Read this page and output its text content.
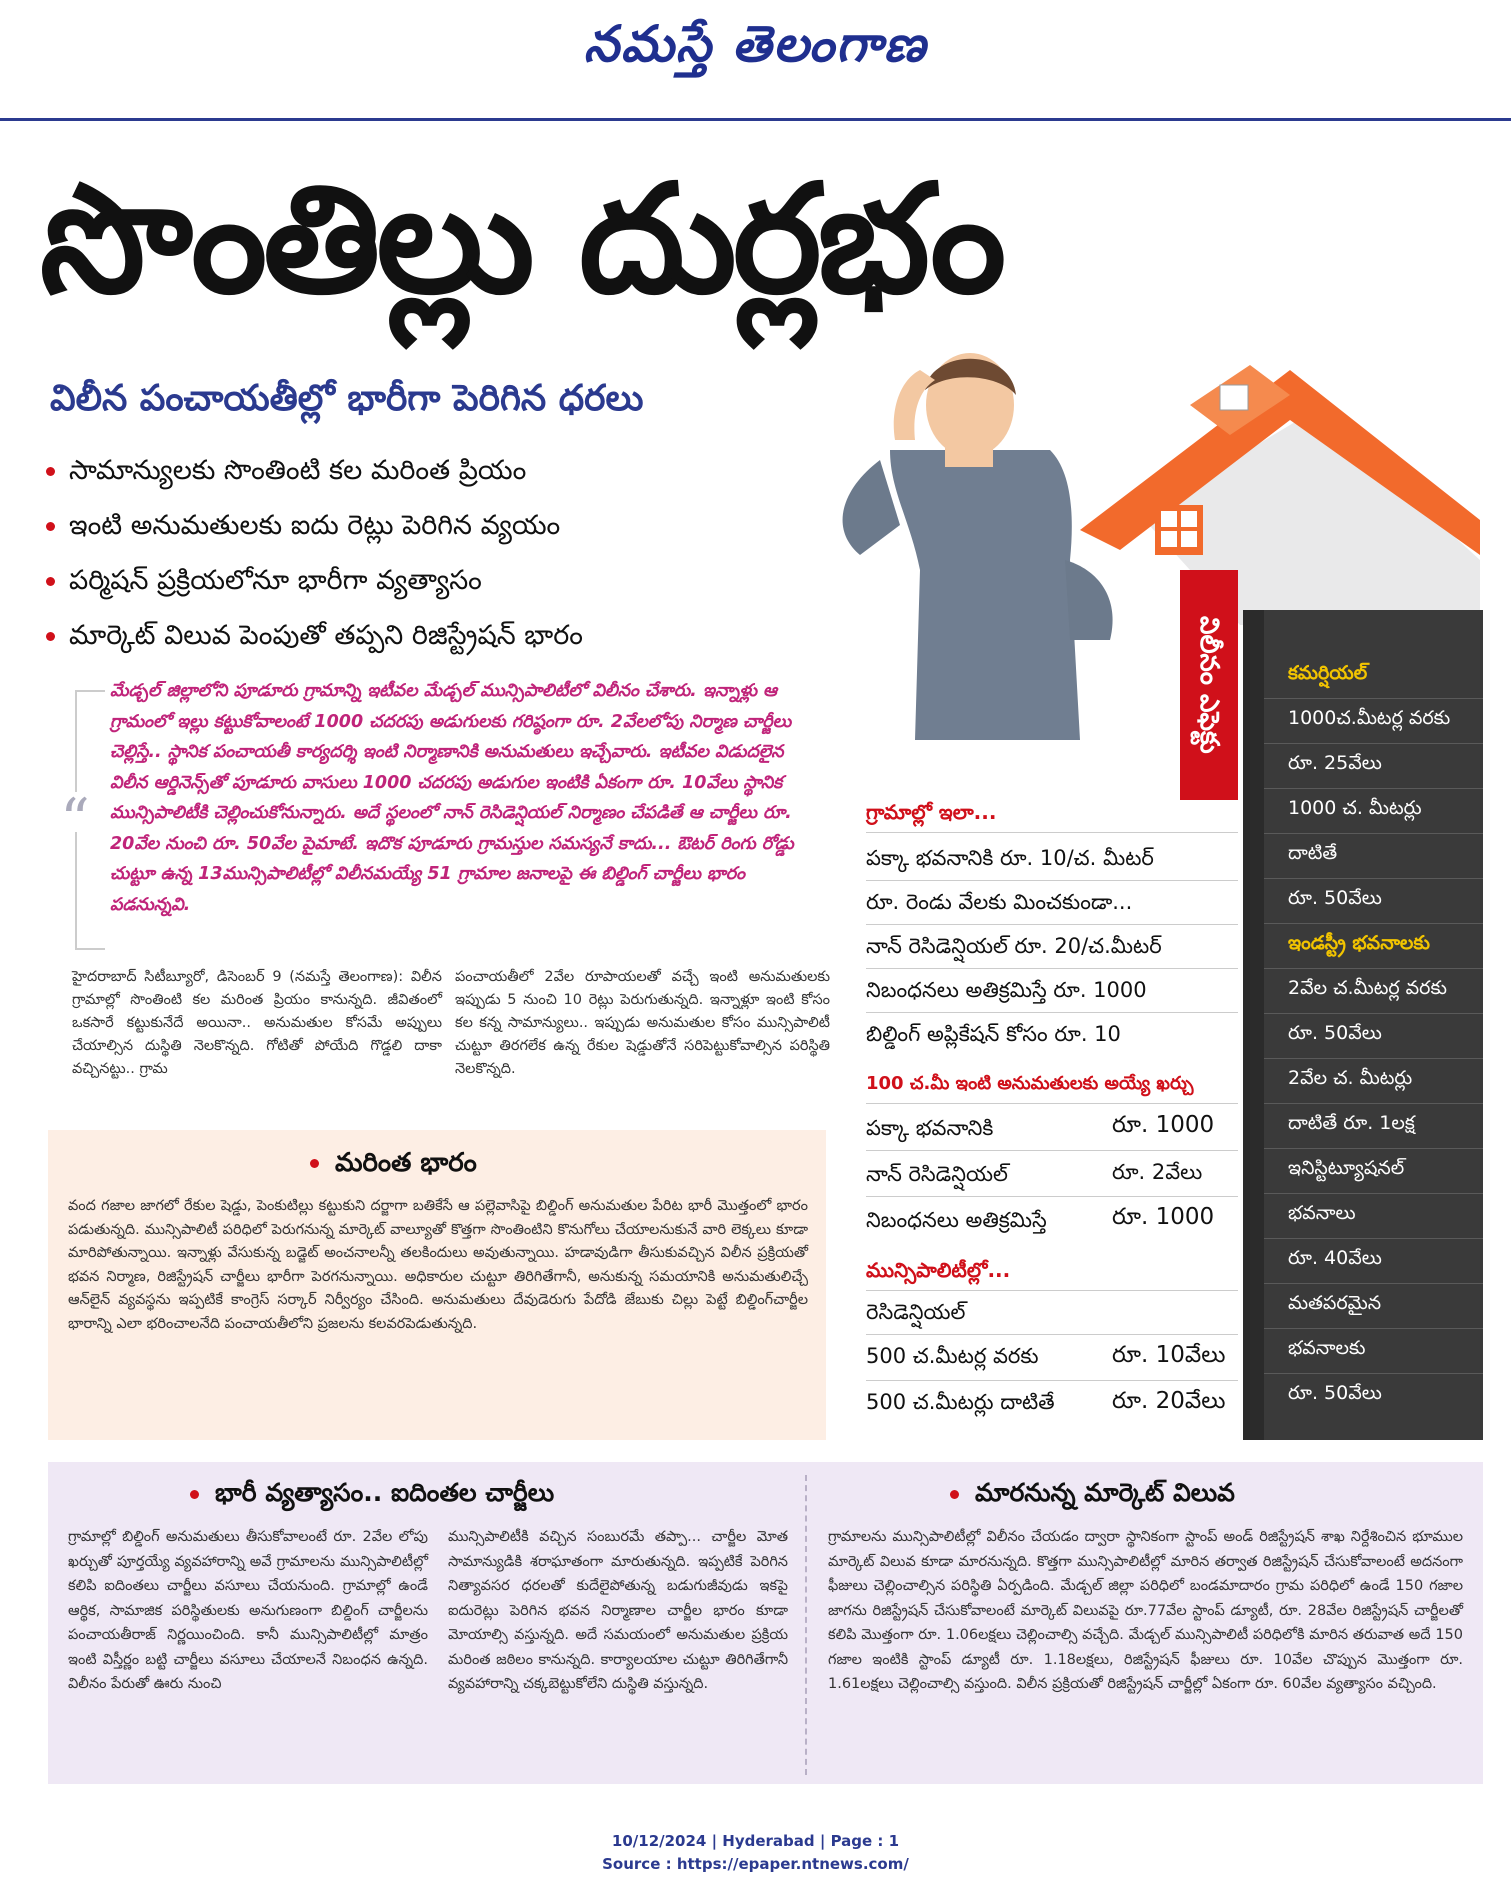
నమస్తే తెలంగాణ
సొంతిల్లు దుర్లభం
విలీన పంచాయతీల్లో భారీగా పెరిగిన ధరలు
సామాన్యులకు సొంతింటి కల మరింత ప్రియం
ఇంటి అనుమతులకు ఐదు రెట్లు పెరిగిన వ్యయం
పర్మిషన్ ప్రక్రియలోనూ భారీగా వ్యత్యాసం
మార్కెట్ విలువ పెంపుతో తప్పని రిజిస్ట్రేషన్ భారం	విలీనం ఎఫెక్టు
“
మేడ్చల్ జిల్లాలోని పూడూరు గ్రామాన్ని ఇటీవల మేడ్చల్ మున్సిపాలిటీలో విలీనం చేశారు. ఇన్నాళ్లు ఆ గ్రామంలో ఇల్లు కట్టుకోవాలంటే 1000 చదరపు అడుగులకు గరిష్ఠంగా రూ. 2వేలలోపు నిర్మాణ చార్జీలు చెల్లిస్తే.. స్థానిక పంచాయతీ కార్యదర్శి ఇంటి నిర్మాణానికి అనుమతులు ఇచ్చేవారు. ఇటీవల విడుదలైన విలీన ఆర్డినెన్స్‌తో పూడూరు వాసులు 1000 చదరపు అడుగుల ఇంటికి ఏకంగా రూ. 10వేలు స్థానిక మున్సిపాలిటీకి చెల్లించుకోనున్నారు. అదే స్థలంలో నాన్ రెసిడెన్షియల్ నిర్మాణం చేపడితే ఆ చార్జీలు రూ. 20వేల నుంచి రూ. 50వేల పైమాటే. ఇదొక పూడూరు గ్రామస్తుల సమస్యనే కాదు... ఔటర్ రింగు రోడ్డు చుట్టూ ఉన్న 13మున్సిపాలిటీల్లో విలీనమయ్యే 51 గ్రామాల జనాలపై ఈ బిల్డింగ్ చార్జీలు భారం పడనున్నవి.
హైదరాబాద్ సిటీబ్యూరో, డిసెంబర్ 9 (నమస్తే తెలంగాణ): విలీన గ్రామాల్లో సొంతింటి కల మరింత ప్రియం కానున్నది. జీవితంలో ఒకసారే కట్టుకునేదే అయినా.. అనుమతుల కోసమే అప్పులు చేయాల్సిన దుస్థితి నెలకొన్నది. గోటితో పోయేది గొడ్డలి దాకా వచ్చినట్టు.. గ్రామ
పంచాయతీలో 2వేల రూపాయలతో వచ్చే ఇంటి అనుమతులకు ఇప్పుడు 5 నుంచి 10 రెట్లు పెరుగుతున్నది. ఇన్నాళ్లూ ఇంటి కోసం కల కన్న సామాన్యులు.. ఇప్పుడు అనుమతుల కోసం మున్సిపాలిటీ చుట్టూ తిరగలేక ఉన్న రేకుల షెడ్డుతోనే సరిపెట్టుకోవాల్సిన పరిస్థితి నెలకొన్నది.
మరింత భారం
వంద గజాల జాగలో రేకుల షెడ్డు, పెంకుటిల్లు కట్టుకుని దర్జాగా బతికేసే ఆ పల్లెవాసిపై బిల్డింగ్ అనుమతుల పేరిట భారీ మొత్తంలో భారం పడుతున్నది. మున్సిపాలిటీ పరిధిలో పెరుగనున్న మార్కెట్ వాల్యూతో కొత్తగా సొంతింటిని కొనుగోలు చేయాలనుకునే వారి లెక్కలు కూడా మారిపోతున్నాయి. ఇన్నాళ్లు వేసుకున్న బడ్జెట్ అంచనాలన్నీ తలకిందులు అవుతున్నాయి. హడావుడిగా తీసుకువచ్చిన విలీన ప్రక్రియతో భవన నిర్మాణ, రిజిస్ట్రేషన్ చార్జీలు భారీగా పెరగనున్నాయి. అధికారుల చుట్టూ తిరిగితేగానీ, అనుకున్న సమయానికి అనుమతులిచ్చే ఆన్‌లైన్ వ్యవస్థను ఇప్పటికే కాంగ్రెస్ సర్కార్ నిర్వీర్యం చేసింది. అనుమతులు దేవుడెరుగు పేదోడి జేబుకు చిల్లు పెట్టే బిల్డింగ్‌చార్జీల భారాన్ని ఎలా భరించాలనేది పంచాయతీలోని ప్రజలను కలవరపెడుతున్నది.
గ్రామాల్లో ఇలా...
పక్కా భవనానికి రూ. 10/చ. మీటర్
రూ. రెండు వేలకు మించకుండా...
నాన్ రెసిడెన్షియల్ రూ. 20/చ.మీటర్
నిబంధనలు అతిక్రమిస్తే రూ. 1000
బిల్డింగ్ అప్లికేషన్ కోసం రూ. 10
100 చ.మీ ఇంటి అనుమతులకు అయ్యే ఖర్చు
పక్కా భవనానికి	రూ. 1000
నాన్ రెసిడెన్షియల్	రూ. 2వేలు
నిబంధనలు అతిక్రమిస్తే	రూ. 1000
మున్సిపాలిటీల్లో...
రెసిడెన్షియల్
500 చ.మీటర్ల వరకు	రూ. 10వేలు
500 చ.మీటర్లు దాటితే రూ. 20వేలు
కమర్షియల్
1000చ.మీటర్ల వరకు
రూ. 25వేలు
1000 చ. మీటర్లు
దాటితే
రూ. 50వేలు
ఇండస్ట్రీ భవనాలకు
2వేల చ.మీటర్ల వరకు
రూ. 50వేలు
2వేల చ. మీటర్లు
దాటితే రూ. 1లక్ష
ఇనిస్టిట్యూషనల్
భవనాలు
రూ. 40వేలు
మతపరమైన
భవనాలకు
రూ. 50వేలు
భారీ వ్యత్యాసం.. ఐదింతల చార్జీలు
గ్రామాల్లో బిల్డింగ్ అనుమతులు తీసుకోవాలంటే రూ. 2వేల లోపు ఖర్చుతో పూర్తయ్యే వ్యవహారాన్ని అవే గ్రామాలను మున్సిపాలిటీల్లో కలిపి ఐదింతలు చార్జీలు వసూలు చేయనుంది. గ్రామాల్లో ఉండే ఆర్థిక, సామాజిక పరిస్థితులకు అనుగుణంగా బిల్డింగ్ చార్జీలను పంచాయతీరాజ్ నిర్ణయించింది. కానీ మున్సిపాలిటీల్లో మాత్రం ఇంటి విస్తీర్ణం బట్టి చార్జీలు వసూలు చేయాలనే నిబంధన ఉన్నది. విలీనం పేరుతో ఊరు నుంచి
మున్సిపాలిటీకి వచ్చిన సంబురమే తప్పా... చార్జీల మోత సామాన్యుడికి శరాఘాతంగా మారుతున్నది. ఇప్పటికే పెరిగిన నిత్యావసర ధరలతో కుదేలైపోతున్న బడుగుజీవుడు ఇకపై ఐదురెట్లు పెరిగిన భవన నిర్మాణాల చార్జీల భారం కూడా మోయాల్సి వస్తున్నది. అదే సమయంలో అనుమతుల ప్రక్రియ మరింత జఠిలం కానున్నది. కార్యాలయాల చుట్టూ తిరిగితేగానీ వ్యవహారాన్ని చక్కబెట్టుకోలేని దుస్థితి వస్తున్నది.
మారనున్న మార్కెట్ విలువ
గ్రామాలను మున్సిపాలిటీల్లో విలీనం చేయడం ద్వారా స్థానికంగా స్టాంప్ అండ్ రిజిస్ట్రేషన్ శాఖ నిర్దేశించిన భూముల మార్కెట్ విలువ కూడా మారనున్నది. కొత్తగా మున్సిపాలిటీల్లో మారిన తర్వాత రిజిస్ట్రేషన్ చేసుకోవాలంటే అదనంగా ఫీజులు చెల్లించాల్సిన పరిస్థితి ఏర్పడింది. మేడ్చల్ జిల్లా పరిధిలో బండమాదారం గ్రామ పరిధిలో ఉండే 150 గజాల జాగను రిజిస్ట్రేషన్ చేసుకోవాలంటే మార్కెట్ విలువపై రూ.77వేల స్టాంప్ డ్యూటీ, రూ. 28వేల రిజిస్ట్రేషన్ చార్జీలతో కలిపి మొత్తంగా రూ. 1.06లక్షలు చెల్లించాల్సి వచ్చేది. మేడ్చల్ మున్సిపాలిటీ పరిధిలోకి మారిన తరువాత అదే 150 గజాల ఇంటికి స్టాంప్ డ్యూటీ రూ. 1.18లక్షలు, రిజిస్ట్రేషన్ ఫీజులు రూ. 10వేల చొప్పున మొత్తంగా రూ. 1.61లక్షలు చెల్లించాల్సి వస్తుంది. విలీన ప్రక్రియతో రిజిస్ట్రేషన్ చార్జీల్లో ఏకంగా రూ. 60వేల వ్యత్యాసం వచ్చింది.
10/12/2024 | Hyderabad | Page : 1
Source : https://epaper.ntnews.com/
